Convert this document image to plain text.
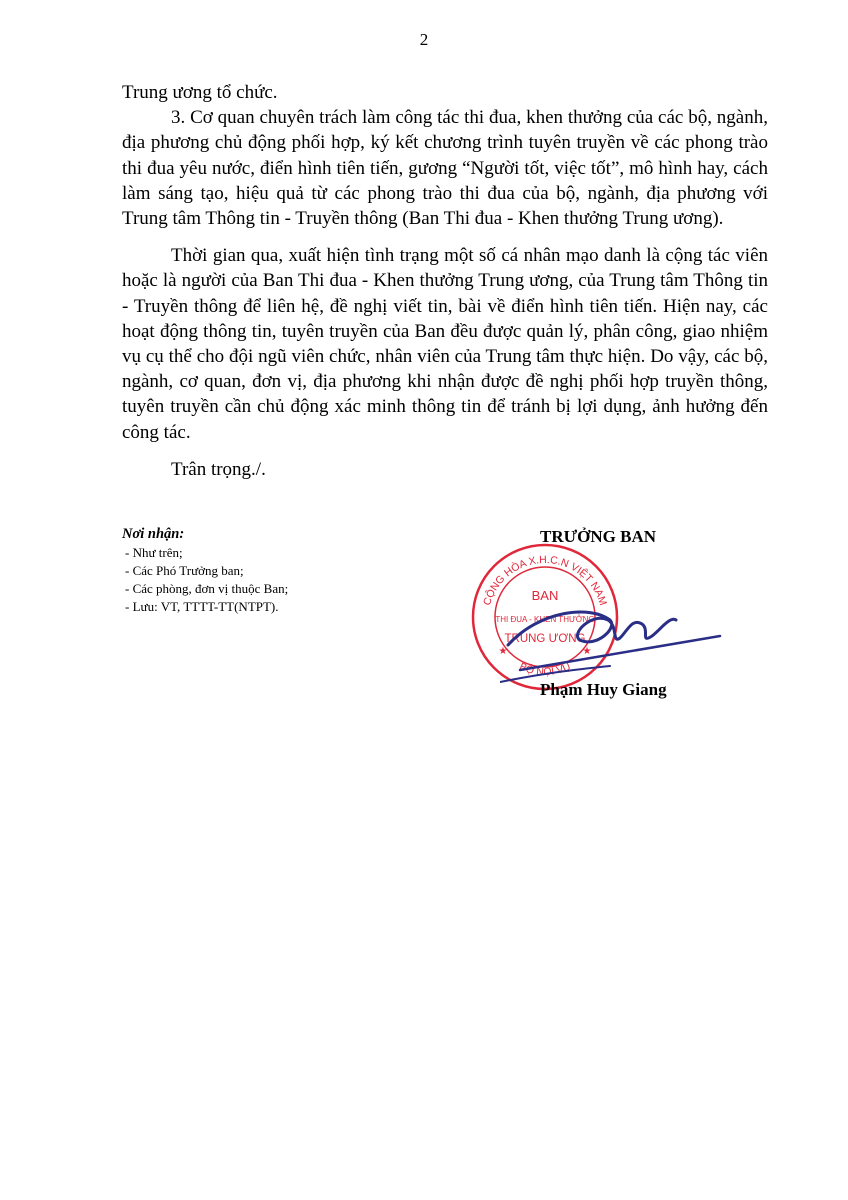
2

Trung ương tổ chức.

3. Cơ quan chuyên trách làm công tác thi đua, khen thưởng của các bộ, ngành, địa phương chủ động phối hợp, ký kết chương trình tuyên truyền về các phong trào thi đua yêu nước, điển hình tiên tiến, gương “Người tốt, việc tốt”, mô hình hay, cách làm sáng tạo, hiệu quả từ các phong trào thi đua của bộ, ngành, địa phương với Trung tâm Thông tin - Truyền thông (Ban Thi đua - Khen thưởng Trung ương).

Thời gian qua, xuất hiện tình trạng một số cá nhân mạo danh là cộng tác viên hoặc là người của Ban Thi đua - Khen thưởng Trung ương, của Trung tâm Thông tin - Truyền thông để liên hệ, đề nghị viết tin, bài về điển hình tiên tiến. Hiện nay, các hoạt động thông tin, tuyên truyền của Ban đều được quản lý, phân công, giao nhiệm vụ cụ thể cho đội ngũ viên chức, nhân viên của Trung tâm thực hiện. Do vậy, các bộ, ngành, cơ quan, đơn vị, địa phương khi nhận được đề nghị phối hợp truyền thông, tuyên truyền cần chủ động xác minh thông tin để tránh bị lợi dụng, ảnh hưởng đến công tác.

Trân trọng./.

Nơi nhận:
- Như trên;
- Các Phó Trưởng ban;
- Các phòng, đơn vị thuộc Ban;
- Lưu: VT, TTTT-TT(NTPT).
TRƯỞNG BAN
CỘNG HÒA X.H.C.N VIỆT NAM
BỘ NỘI VỤ
BAN
THI ĐUA - KHEN THƯỞNG
TRUNG ƯƠNG
★	★
Phạm Huy Giang
